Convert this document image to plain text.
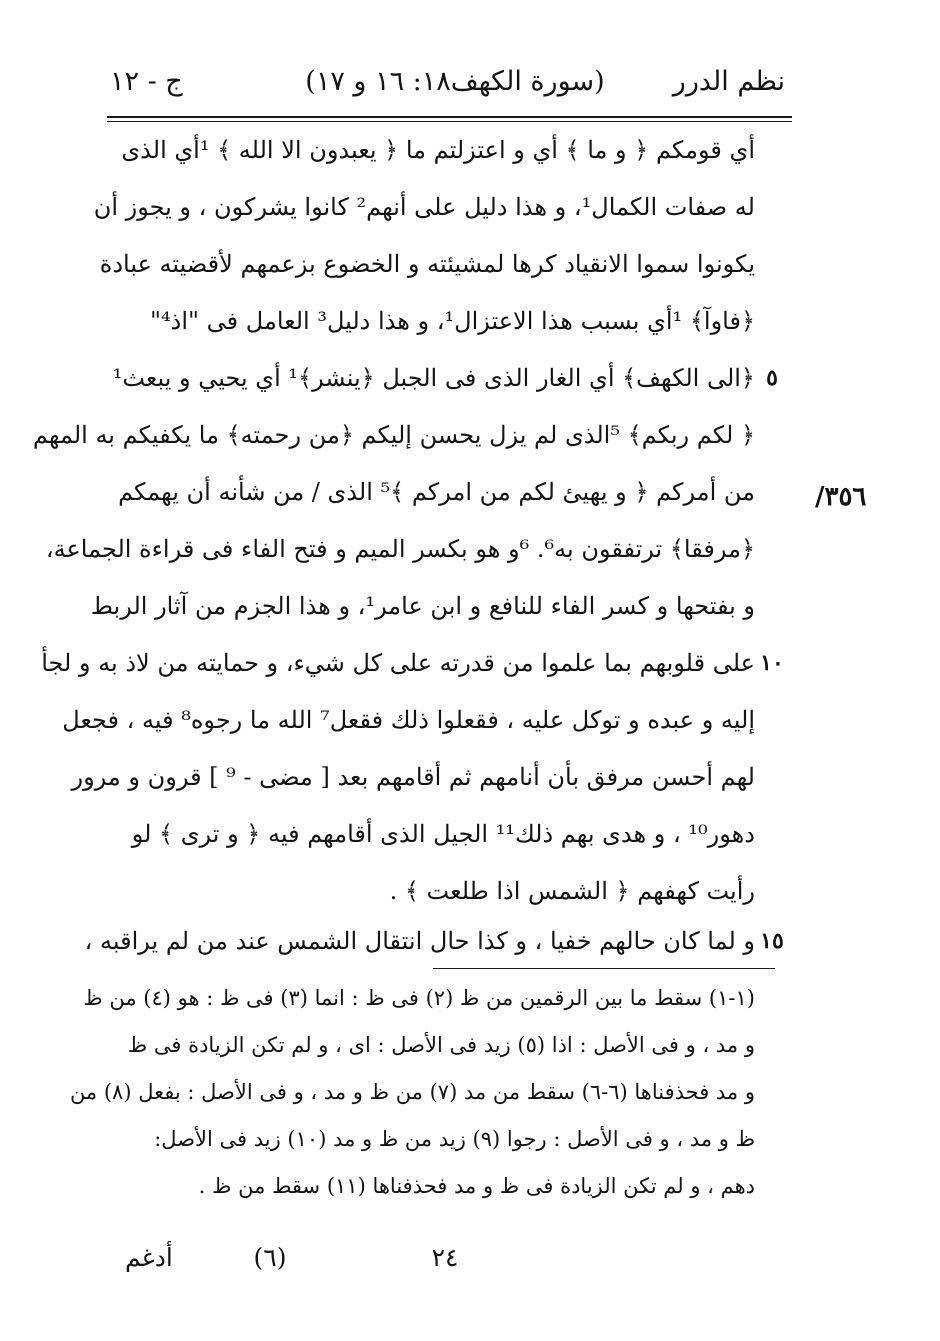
نظم الدرر
(سورة الكهف١٨: ١٦ و ١٧)
ج - ١٢
أي قومكم ﴿ و ما ﴾ أي و اعتزلتم ما ﴿ يعبدون الا الله ﴾ ¹أي الذى
له صفات الكمال¹، و هذا دليل على أنهم² كانوا يشركون ، و يجوز أن
يكونوا سموا الانقياد كرها لمشيئته و الخضوع بزعمهم لأقضيته عبادة
﴿فاوآ﴾ ¹أي بسبب هذا الاعتزال¹، و هذا دليل³ العامل فى "اذ⁴"
﴿الى الكهف﴾ أي الغار الذى فى الجبل ﴿ينشر﴾¹ أي يحيي و يبعث¹
﴿ لكم ربكم﴾ ⁵الذى لم يزل يحسن إليكم ﴿من رحمته﴾ ما يكفيكم به المهم
من أمركم ﴿ و يهيئ لكم من امركم ﴾⁵ الذى / من شأنه أن يهمكم
﴿مرفقا﴾ ترتفقون به⁶. ⁶و هو بكسر الميم و فتح الفاء فى قراءة الجماعة،
و بفتحها و كسر الفاء للنافع و ابن عامر¹، و هذا الجزم من آثار الربط
على قلوبهم بما علموا من قدرته على كل شيء، و حمايته من لاذ به و لجأ
إليه و عبده و توكل عليه ، فقعلوا ذلك فقعل⁷ الله ما رجوه⁸ فيه ، فجعل
لهم أحسن مرفق بأن أنامهم ثم أقامهم بعد [ مضى - ⁹ ] قرون و مرور
دهور¹⁰ ، و هدى بهم ذلك¹¹ الجيل الذى أقامهم فيه ﴿ و ترى ﴾ لو
رأيت كهفهم ﴿ الشمس اذا طلعت ﴾ .
و لما كان حالهم خفيا ، و كذا حال انتقال الشمس عند من لم يراقبه ،
٥
١٠
١٥
/٣٥٦
(١-١) سقط ما بين الرقمين من ظ (٢) فى ظ : انما (٣) فى ظ : هو (٤) من ظ
و مد ، و فى الأصل : اذا (٥) زيد فى الأصل : اى ، و لم تكن الزيادة فى ظ
و مد فحذفناها (٦-٦) سقط من مد (٧) من ظ و مد ، و فى الأصل : بفعل (٨) من
ظ و مد ، و فى الأصل : رجوا (٩) زيد من ظ و مد (١٠) زيد فى الأصل:
دهم ، و لم تكن الزيادة فى ظ و مد فحذفناها (١١) سقط من ظ .
٢٤
(٦)
أدغم
